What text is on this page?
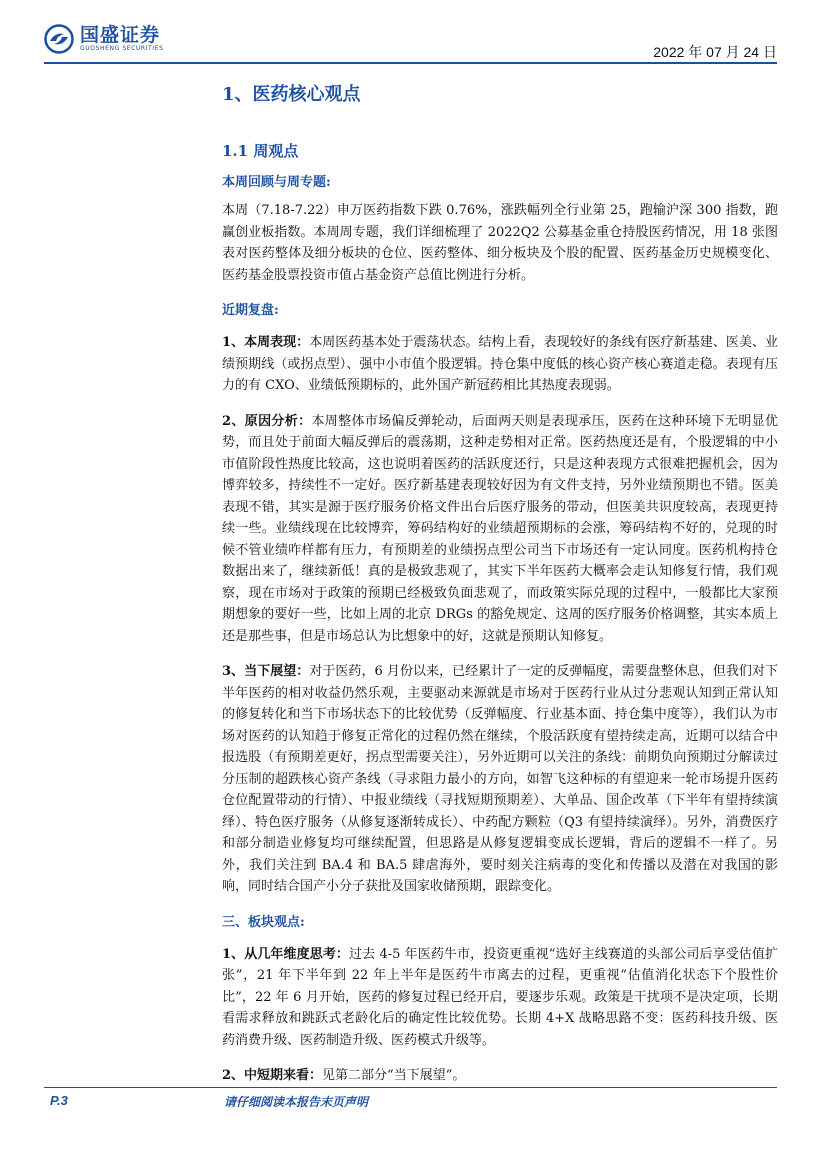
国盛证券
GUOSHENG SECURITIES	2022 年 07 月 24 日
1、医药核心观点
1.1 周观点
本周回顾与周专题:
本周（7.18-7.22）申万医药指数下跌 0.76%，涨跌幅列全行业第 25，跑输沪深 300 指数，跑赢创业板指数。本周周专题，我们详细梳理了 2022Q2 公募基金重仓持股医药情况，用 18 张图表对医药整体及细分板块的仓位、医药整体、细分板块及个股的配置、医药基金历史规模变化、医药基金股票投资市值占基金资产总值比例进行分析。
近期复盘:
1、本周表现：本周医药基本处于震荡状态。结构上看，表现较好的条线有医疗新基建、医美、业绩预期线（或拐点型）、强中小市值个股逻辑。持仓集中度低的核心资产核心赛道走稳。表现有压力的有 CXO、业绩低预期标的，此外国产新冠药相比其热度表现弱。
2、原因分析：本周整体市场偏反弹轮动，后面两天则是表现承压，医药在这种环境下无明显优势，而且处于前面大幅反弹后的震荡期，这种走势相对正常。医药热度还是有，个股逻辑的中小市值阶段性热度比较高，这也说明着医药的活跃度还行，只是这种表现方式很难把握机会，因为博弈较多，持续性不一定好。医疗新基建表现较好因为有文件支持，另外业绩预期也不错。医美表现不错，其实是源于医疗服务价格文件出台后医疗服务的带动，但医美共识度较高，表现更持续一些。业绩线现在比较博弈，筹码结构好的业绩超预期标的会涨，筹码结构不好的，兑现的时候不管业绩咋样都有压力，有预期差的业绩拐点型公司当下市场还有一定认同度。医药机构持仓数据出来了，继续新低！真的是极致悲观了，其实下半年医药大概率会走认知修复行情，我们观察，现在市场对于政策的预期已经极致负面悲观了，而政策实际兑现的过程中，一般都比大家预期想象的要好一些，比如上周的北京 DRGs 的豁免规定、这周的医疗服务价格调整，其实本质上还是那些事，但是市场总认为比想象中的好，这就是预期认知修复。
3、当下展望：对于医药，6 月份以来，已经累计了一定的反弹幅度，需要盘整休息，但我们对下半年医药的相对收益仍然乐观，主要驱动来源就是市场对于医药行业从过分悲观认知到正常认知的修复转化和当下市场状态下的比较优势（反弹幅度、行业基本面、持仓集中度等），我们认为市场对医药的认知趋于修复正常化的过程仍然在继续，个股活跃度有望持续走高，近期可以结合中报选股（有预期差更好，拐点型需要关注），另外近期可以关注的条线：前期负向预期过分解读过分压制的超跌核心资产条线（寻求阻力最小的方向，如智飞这种标的有望迎来一轮市场提升医药仓位配置带动的行情）、中报业绩线（寻找短期预期差）、大单品、国企改革（下半年有望持续演绎）、特色医疗服务（从修复逐渐转成长）、中药配方颗粒（Q3 有望持续演绎）。另外，消费医疗和部分制造业修复均可继续配置，但思路是从修复逻辑变成长逻辑，背后的逻辑不一样了。另外，我们关注到 BA.4 和 BA.5 肆虐海外，要时刻关注病毒的变化和传播以及潜在对我国的影响，同时结合国产小分子获批及国家收储预期，跟踪变化。
三、板块观点:
1、从几年维度思考：过去 4-5 年医药牛市，投资更重视“选好主线赛道的头部公司后享受估值扩张”，21 年下半年到 22 年上半年是医药牛市离去的过程，更重视“估值消化状态下个股性价比”，22 年 6 月开始，医药的修复过程已经开启，要逐步乐观。政策是干扰项不是决定项，长期看需求释放和跳跃式老龄化后的确定性比较优势。长期 4+X 战略思路不变：医药科技升级、医药消费升级、医药制造升级、医药模式升级等。
2、中短期来看：见第二部分“当下展望”。
P.3	请仔细阅读本报告末页声明
